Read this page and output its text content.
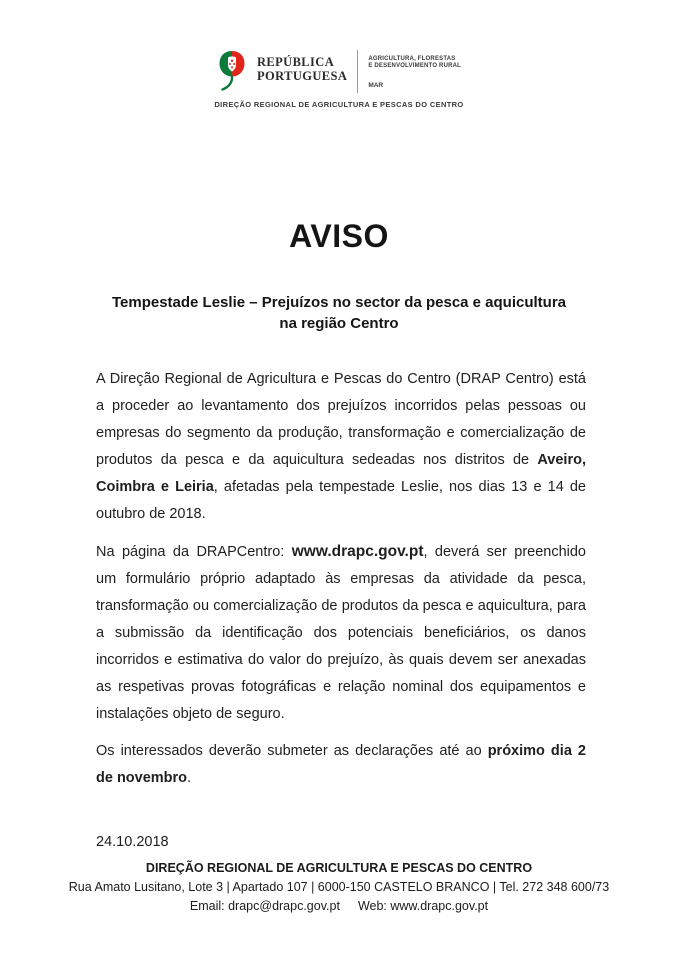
REPÚBLICA
PORTUGUESA
AGRICULTURA, FLORESTAS
E DESENVOLVIMENTO RURAL
MAR
DIREÇÃO REGIONAL DE AGRICULTURA E PESCAS DO CENTRO
AVISO
Tempestade Leslie – Prejuízos no sector da pesca e aquicultura
na região Centro

A Direção Regional de Agricultura e Pescas do Centro (DRAP Centro) está a proceder ao levantamento dos prejuízos incorridos pelas pessoas ou empresas do segmento da produção, transformação e comercialização de produtos da pesca e da aquicultura sedeadas nos distritos de Aveiro, Coimbra e Leiria, afetadas pela tempestade Leslie, nos dias 13 e 14 de outubro de 2018.

Na página da DRAPCentro: www.drapc.gov.pt, deverá ser preenchido um formulário próprio adaptado às empresas da atividade da pesca, transformação ou comercialização de produtos da pesca e aquicultura, para a submissão da identificação dos potenciais beneficiários, os danos incorridos e estimativa do valor do prejuízo, às quais devem ser anexadas as respetivas provas fotográficas e relação nominal dos equipamentos e instalações objeto de seguro.

Os interessados deverão submeter as declarações até ao próximo dia 2 de novembro.

24.10.2018
DIREÇÃO REGIONAL DE AGRICULTURA E PESCAS DO CENTRO
Rua Amato Lusitano, Lote 3 | Apartado 107 | 6000-150 CASTELO BRANCO | Tel. 272 348 600/73
Email: drapc@drapc.gov.pt Web: www.drapc.gov.pt
